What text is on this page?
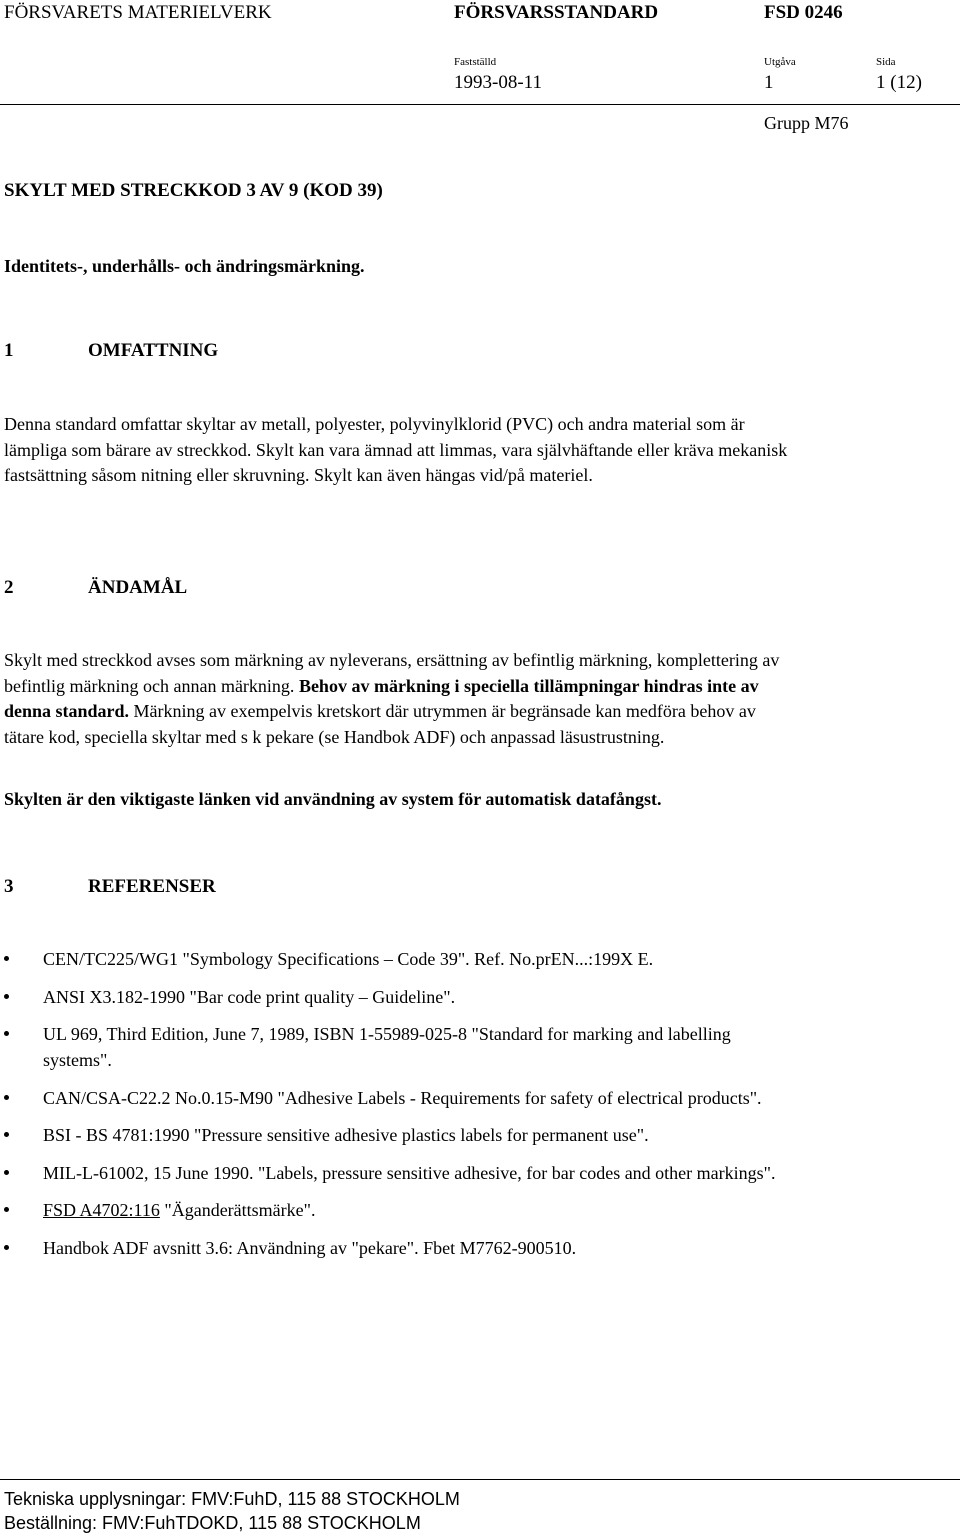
FÖRSVARETS MATERIELVERK	FÖRSVARSSTANDARD	FSD 0246
Fastställd	Utgåva	Sida
1993-08-11	1	1 (12)
Grupp M76
SKYLT MED STRECKKOD 3 AV 9 (KOD 39)
Identitets-, underhålls- och ändringsmärkning.
1	OMFATTNING

Denna standard omfattar skyltar av metall, polyester, polyvinylklorid (PVC) och andra material som är lämpliga som bärare av streckkod. Skylt kan vara ämnad att limmas, vara självhäftande eller kräva mekanisk fastsättning såsom nitning eller skruvning. Skylt kan även hängas vid/på materiel.

2	ÄNDAMÅL

Skylt med streckkod avses som märkning av nyleverans, ersättning av befintlig märkning, komplettering av befintlig märkning och annan märkning. Behov av märkning i speciella tillämpningar hindras inte av denna standard. Märkning av exempelvis kretskort där utrymmen är begränsade kan medföra behov av tätare kod, speciella skyltar med s k pekare (se Handbok ADF) och anpassad läsustrustning.

Skylten är den viktigaste länken vid användning av system för automatisk datafångst.
3	REFERENSER
CEN/TC225/WG1 "Symbology Specifications – Code 39". Ref. No.prEN...:199X E.
ANSI X3.182-1990 "Bar code print quality – Guideline".
UL 969, Third Edition, June 7, 1989, ISBN 1-55989-025-8 "Standard for marking and labelling systems".
CAN/CSA-C22.2 No.0.15-M90 "Adhesive Labels - Requirements for safety of electrical products".
BSI - BS 4781:1990 "Pressure sensitive adhesive plastics labels for permanent use".
MIL-L-61002, 15 June 1990. "Labels, pressure sensitive adhesive, for bar codes and other markings".
FSD A4702:116 "Äganderättsmärke".
Handbok ADF avsnitt 3.6: Användning av "pekare". Fbet M7762-900510.
Tekniska upplysningar: FMV:FuhD, 115 88 STOCKHOLM
Beställning: FMV:FuhTDOKD, 115 88 STOCKHOLM
